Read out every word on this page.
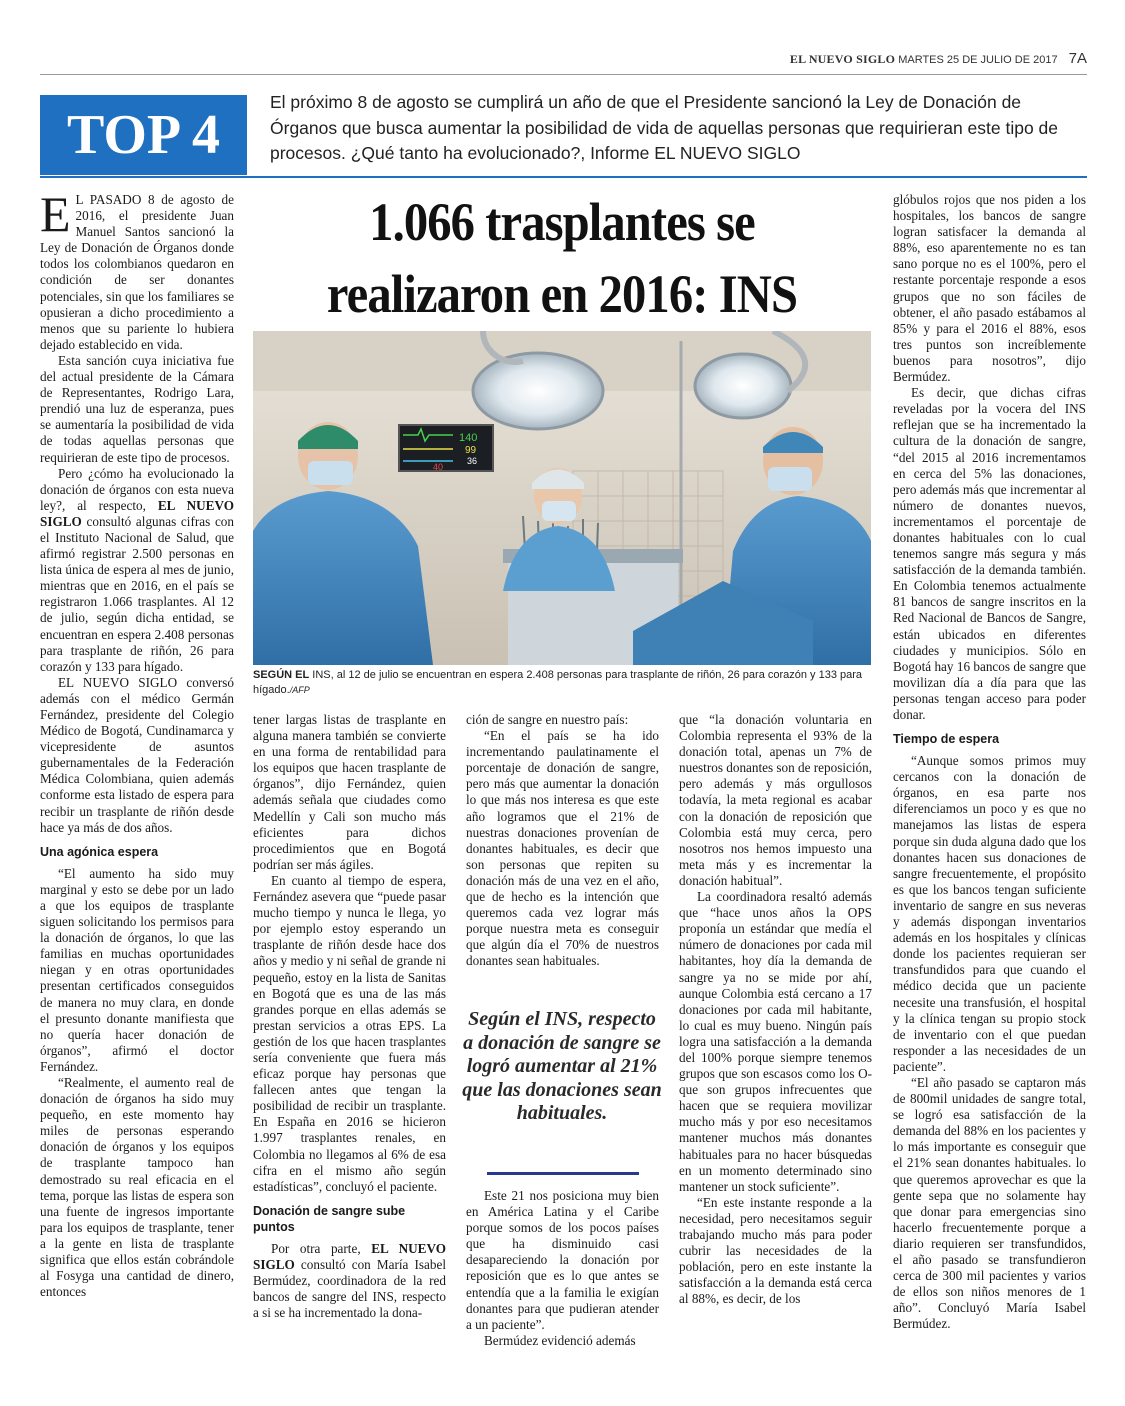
EL NUEVO SIGLO MARTES 25 DE JULIO DE 2017 7A
TOP 4
El próximo 8 de agosto se cumplirá un año de que el Presidente sancionó la Ley de Donación de Órganos que busca aumentar la posibilidad de vida de aquellas personas que requirieran este tipo de procesos. ¿Qué tanto ha evolucionado?, Informe EL NUEVO SIGLO
1.066 trasplantes se realizaron en 2016: INS
140
99
36
40
SEGÚN EL INS, al 12 de julio se encuentran en espera 2.408 personas para trasplante de riñón, 26 para corazón y 133 para hígado./AFP

E L PASADO 8 de agosto de 2016, el presidente Juan Manuel Santos sancionó la Ley de Donación de Órganos donde todos los colombianos quedaron en condición de ser donantes potenciales, sin que los familiares se opusieran a dicho procedimiento a menos que su pariente lo hubiera dejado establecido en vida.

Esta sanción cuya iniciativa fue del actual presidente de la Cámara de Representantes, Rodrigo Lara, prendió una luz de esperanza, pues se aumentaría la posibilidad de vida de todas aquellas personas que requirieran de este tipo de procesos.

Pero ¿cómo ha evolucionado la donación de órganos con esta nueva ley?, al respecto, EL NUEVO SIGLO consultó algunas cifras con el Instituto Nacional de Salud, que afirmó registrar 2.500 personas en lista única de espera al mes de junio, mientras que en 2016, en el país se registraron 1.066 trasplantes. Al 12 de julio, según dicha entidad, se encuentran en espera 2.408 personas para trasplante de riñón, 26 para corazón y 133 para hígado.

EL NUEVO SIGLO conversó además con el médico Germán Fernández, presidente del Colegio Médico de Bogotá, Cundinamarca y vicepresidente de asuntos gubernamentales de la Federación Médica Colombiana, quien además conforme esta listado de espera para recibir un trasplante de riñón desde hace ya más de dos años.

Una agónica espera

“El aumento ha sido muy marginal y esto se debe por un lado a que los equipos de trasplante siguen solicitando los permisos para la donación de órganos, lo que las familias en muchas oportunidades niegan y en otras oportunidades presentan certificados conseguidos de manera no muy clara, en donde el presunto donante manifiesta que no quería hacer donación de órganos”, afirmó el doctor Fernández.

“Realmente, el aumento real de donación de órganos ha sido muy pequeño, en este momento hay miles de personas esperando donación de órganos y los equipos de trasplante tampoco han demostrado su real eficacia en el tema, porque las listas de espera son una fuente de ingresos importante para los equipos de trasplante, tener a la gente en lista de trasplante significa que ellos están cobrándole al Fosyga una cantidad de dinero, entonces

tener largas listas de trasplante en alguna manera también se convierte en una forma de rentabilidad para los equipos que hacen trasplante de órganos”, dijo Fernández, quien además señala que ciudades como Medellín y Cali son mucho más eficientes para dichos procedimientos que en Bogotá podrían ser más ágiles.

En cuanto al tiempo de espera, Fernández asevera que “puede pasar mucho tiempo y nunca le llega, yo por ejemplo estoy esperando un trasplante de riñón desde hace dos años y medio y ni señal de grande ni pequeño, estoy en la lista de Sanitas en Bogotá que es una de las más grandes porque en ellas además se prestan servicios a otras EPS. La gestión de los que hacen trasplantes sería conveniente que fuera más eficaz porque hay personas que fallecen antes que tengan la posibilidad de recibir un trasplante. En España en 2016 se hicieron 1.997 trasplantes renales, en Colombia no llegamos al 6% de esa cifra en el mismo año según estadísticas”, concluyó el paciente.

Donación de sangre sube puntos

Por otra parte, EL NUEVO SIGLO consultó con María Isabel Bermúdez, coordinadora de la red bancos de sangre del INS, respecto a si se ha incrementado la dona-

ción de sangre en nuestro país:

“En el país se ha ido incrementando paulatinamente el porcentaje de donación de sangre, pero más que aumentar la donación lo que más nos interesa es que este año logramos que el 21% de nuestras donaciones provenían de donantes habituales, es decir que son personas que repiten su donación más de una vez en el año, que de hecho es la intención que queremos cada vez lograr más porque nuestra meta es conseguir que algún día el 70% de nuestros donantes sean habituales.

Según el INS, respecto a donación de sangre se logró aumentar al 21% que las donaciones sean habituales.

Este 21 nos posiciona muy bien en América Latina y el Caribe porque somos de los pocos países que ha disminuido casi desapareciendo la donación por reposición que es lo que antes se entendía que a la familia le exigían donantes para que pudieran atender a un paciente”.

Bermúdez evidenció además

que “la donación voluntaria en Colombia representa el 93% de la donación total, apenas un 7% de nuestros donantes son de reposición, pero además y más orgullosos todavía, la meta regional es acabar con la donación de reposición que Colombia está muy cerca, pero nosotros nos hemos impuesto una meta más y es incrementar la donación habitual”.

La coordinadora resaltó además que “hace unos años la OPS proponía un estándar que medía el número de donaciones por cada mil habitantes, hoy día la demanda de sangre ya no se mide por ahí, aunque Colombia está cercano a 17 donaciones por cada mil habitante, lo cual es muy bueno. Ningún país logra una satisfacción a la demanda del 100% porque siempre tenemos grupos que son escasos como los O- que son grupos infrecuentes que hacen que se requiera movilizar mucho más y por eso necesitamos mantener muchos más donantes habituales para no hacer búsquedas en un momento determinado sino mantener un stock suficiente”.

“En este instante responde a la necesidad, pero necesitamos seguir trabajando mucho más para poder cubrir las necesidades de la población, pero en este instante la satisfacción a la demanda está cerca al 88%, es decir, de los

glóbulos rojos que nos piden a los hospitales, los bancos de sangre logran satisfacer la demanda al 88%, eso aparentemente no es tan sano porque no es el 100%, pero el restante porcentaje responde a esos grupos que no son fáciles de obtener, el año pasado estábamos al 85% y para el 2016 el 88%, esos tres puntos son increíblemente buenos para nosotros”, dijo Bermúdez.

Es decir, que dichas cifras reveladas por la vocera del INS reflejan que se ha incrementado la cultura de la donación de sangre, “del 2015 al 2016 incrementamos en cerca del 5% las donaciones, pero además más que incrementar al número de donantes nuevos, incrementamos el porcentaje de donantes habituales con lo cual tenemos sangre más segura y más satisfacción de la demanda también. En Colombia tenemos actualmente 81 bancos de sangre inscritos en la Red Nacional de Bancos de Sangre, están ubicados en diferentes ciudades y municipios. Sólo en Bogotá hay 16 bancos de sangre que movilizan día a día para que las personas tengan acceso para poder donar.

Tiempo de espera

“Aunque somos primos muy cercanos con la donación de órganos, en esa parte nos diferenciamos un poco y es que no manejamos las listas de espera porque sin duda alguna dado que los donantes hacen sus donaciones de sangre frecuentemente, el propósito es que los bancos tengan suficiente inventario de sangre en sus neveras y además dispongan inventarios además en los hospitales y clínicas donde los pacientes requieran ser transfundidos para que cuando el médico decida que un paciente necesite una transfusión, el hospital y la clínica tengan su propio stock de inventario con el que puedan responder a las necesidades de un paciente”.

“El año pasado se captaron más de 800mil unidades de sangre total, se logró esa satisfacción de la demanda del 88% en los pacientes y lo más importante es conseguir que el 21% sean donantes habituales. lo que queremos aprovechar es que la gente sepa que no solamente hay que donar para emergencias sino hacerlo frecuentemente porque a diario requieren ser transfundidos, el año pasado se transfundieron cerca de 300 mil pacientes y varios de ellos son niños menores de 1 año”. Concluyó María Isabel Bermúdez.
